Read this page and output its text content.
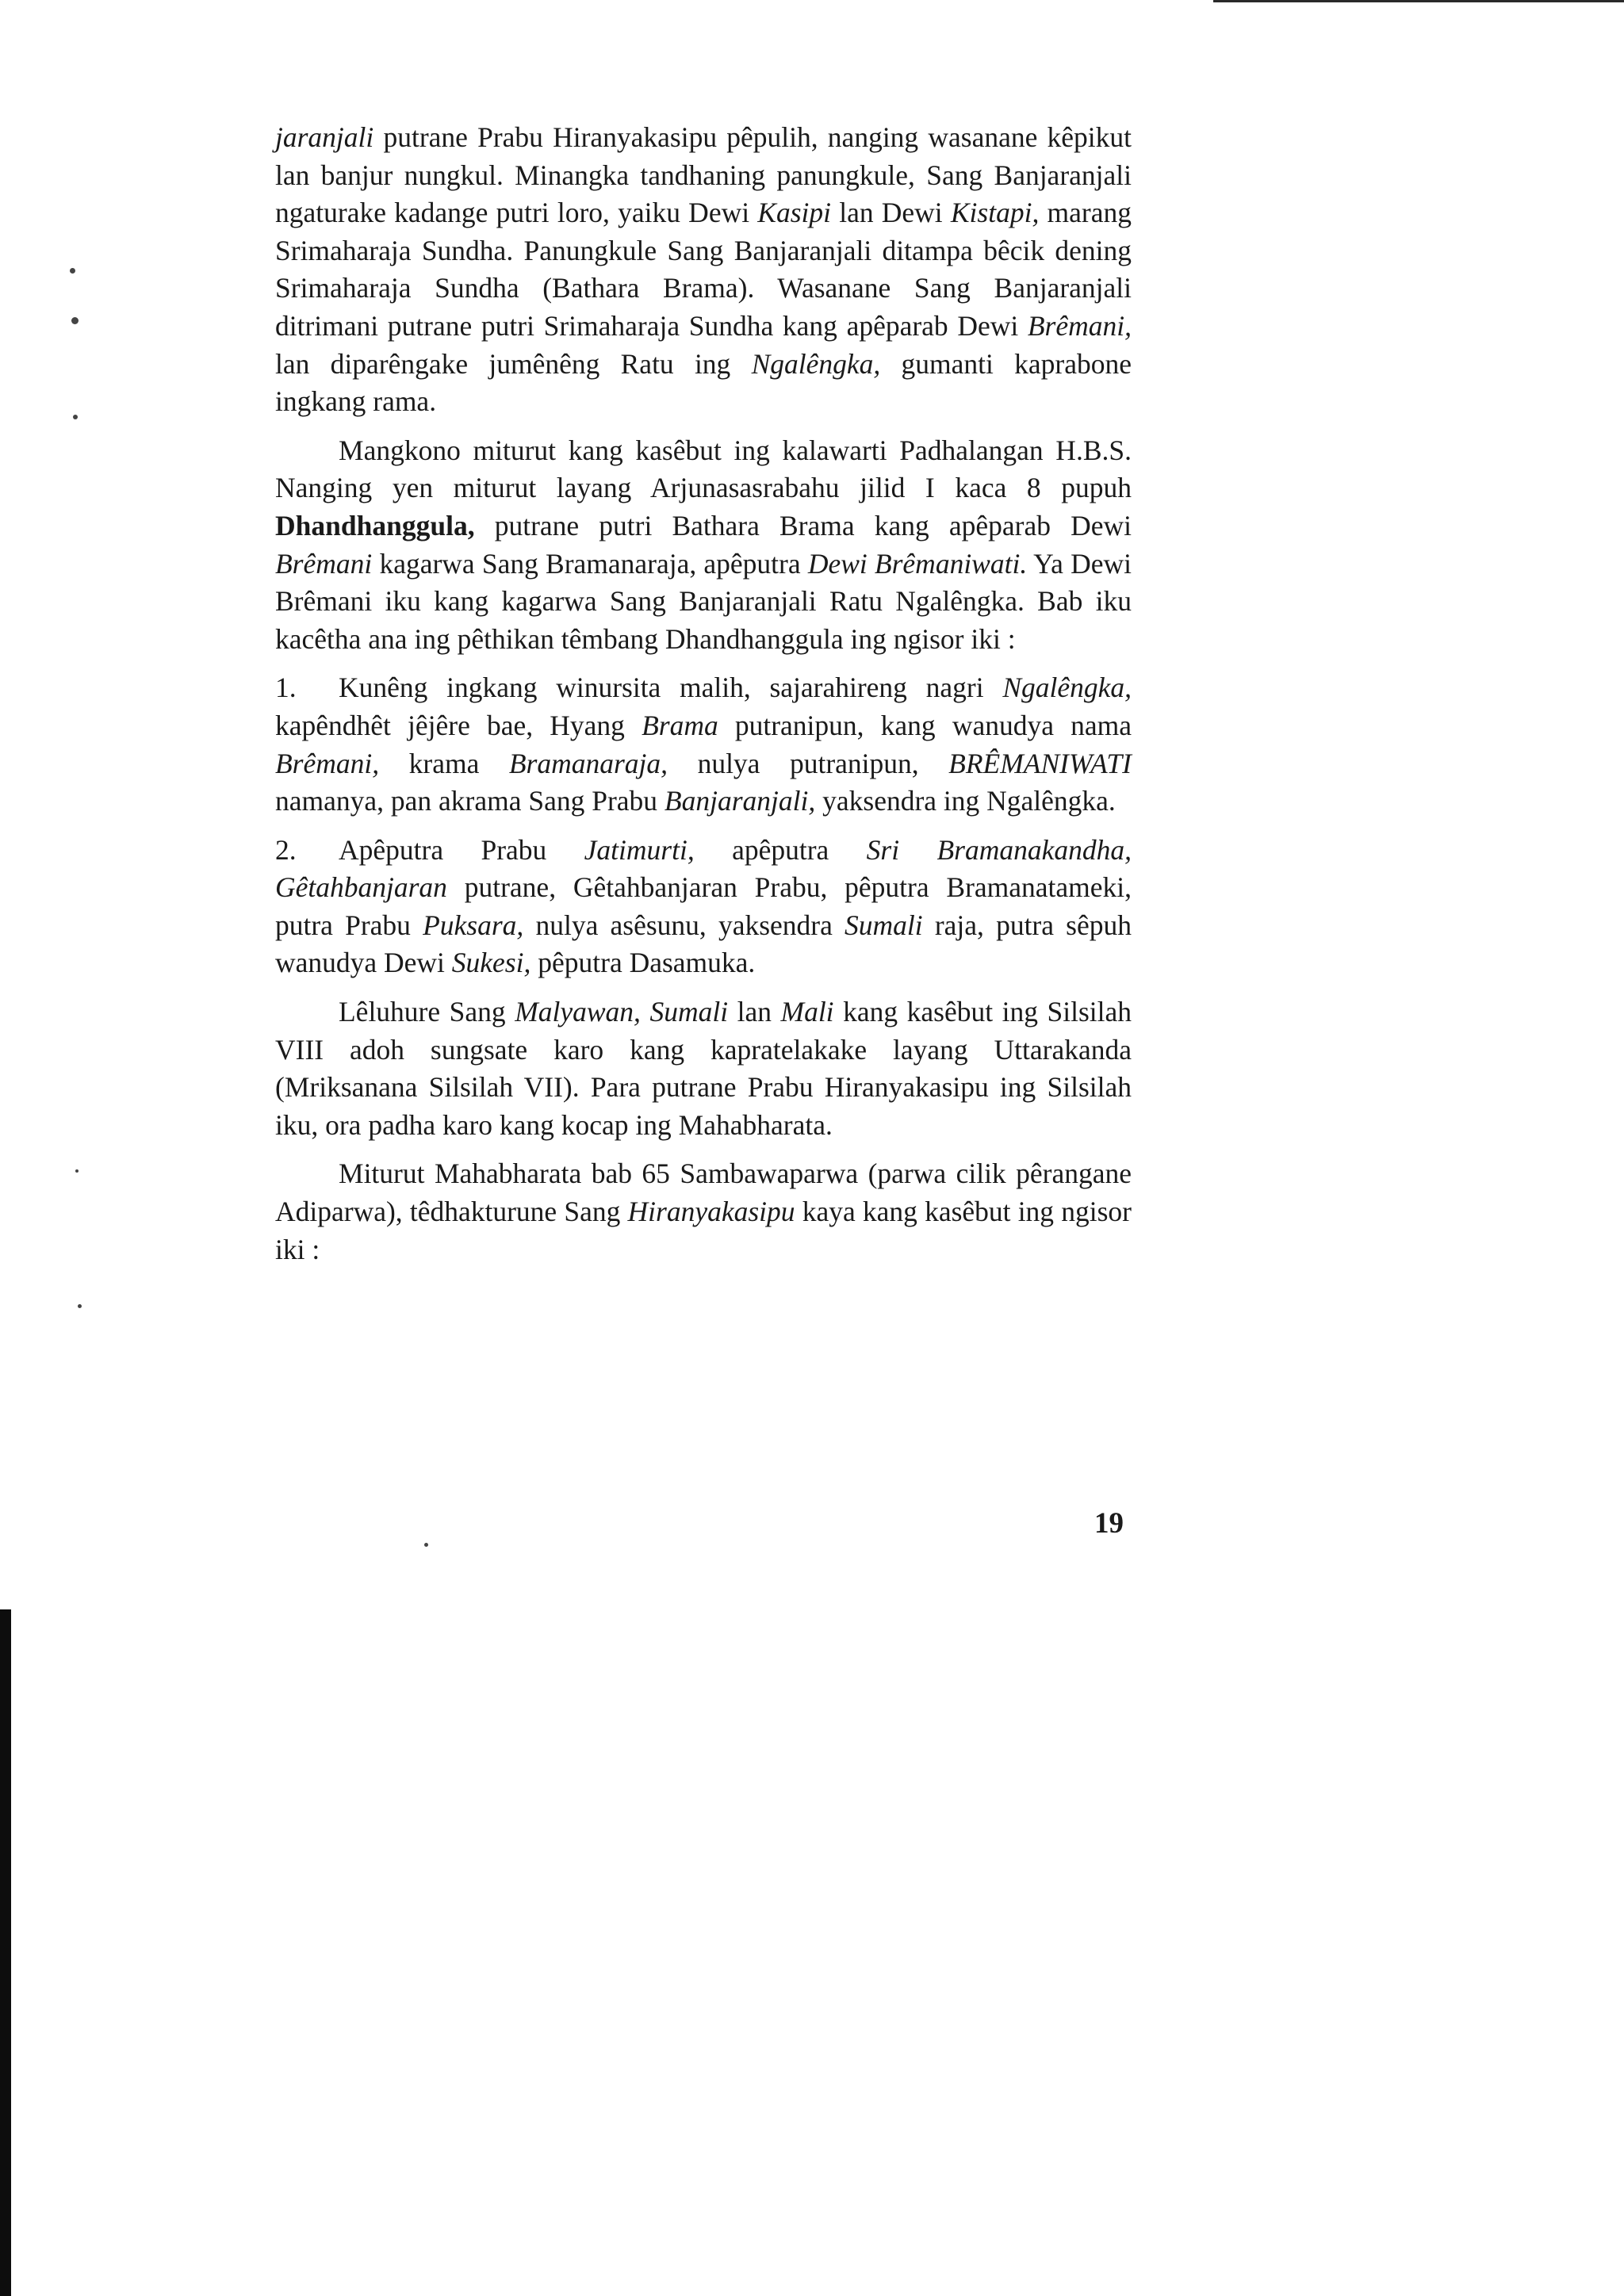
jaranjali putrane Prabu Hiranyakasipu pêpulih, nanging wasanane kêpikut lan banjur nungkul. Minangka tandhaning panungkule, Sang Banjaranjali ngaturake kadange putri loro, yaiku Dewi Kasipi lan Dewi Kistapi, marang Srimaharaja Sundha. Panungkule Sang Banjaranjali ditampa bêcik dening Srimaharaja Sundha (Bathara Brama). Wasanane Sang Banjaranjali ditrimani putrane putri Srimaharaja Sundha kang apêparab Dewi Brêmani, lan diparêngake jumênêng Ratu ing Ngalêngka, gumanti kaprabone ingkang rama.

Mangkono miturut kang kasêbut ing kalawarti Padhalangan H.B.S. Nanging yen miturut layang Arjunasasrabahu jilid I kaca 8 pupuh Dhandhanggula, putrane putri Bathara Brama kang apêparab Dewi Brêmani kagarwa Sang Bramanaraja, apêputra Dewi Brêmaniwati. Ya Dewi Brêmani iku kang kagarwa Sang Banjaranjali Ratu Ngalêngka. Bab iku kacêtha ana ing pêthikan têmbang Dhandhanggula ing ngisor iki :

1. Kunêng ingkang winursita malih, sajarahireng nagri Ngalêngka, kapêndhêt jêjêre bae, Hyang Brama putranipun, kang wanudya nama Brêmani, krama Bramanaraja, nulya putranipun, BRÊMANIWATI namanya, pan akrama Sang Prabu Banjaranjali, yaksendra ing Ngalêngka.

2. Apêputra Prabu Jatimurti, apêputra Sri Bramanakandha, Gêtahbanjaran putrane, Gêtahbanjaran Prabu, pêputra Bramanatameki, putra Prabu Puksara, nulya asêsunu, yaksendra Sumali raja, putra sêpuh wanudya Dewi Sukesi, pêputra Dasamuka.

Lêluhure Sang Malyawan, Sumali lan Mali kang kasêbut ing Silsilah VIII adoh sungsate karo kang kapratelakake layang Uttarakanda (Mriksanana Silsilah VII). Para putrane Prabu Hiranyakasipu ing Silsilah iku, ora padha karo kang kocap ing Mahabharata.

Miturut Mahabharata bab 65 Sambawaparwa (parwa cilik pêrangane Adiparwa), têdhakturune Sang Hiranyakasipu kaya kang kasêbut ing ngisor iki :

19
